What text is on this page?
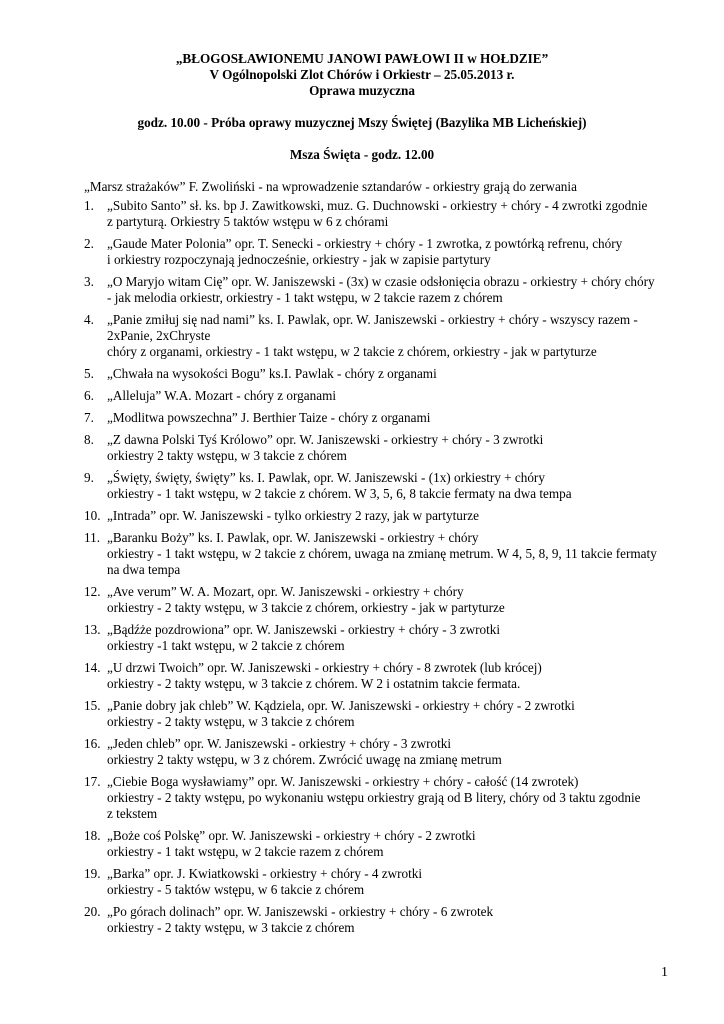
„BŁOGOSŁAWIONEMU JANOWI PAWŁOWI II w HOŁDZIE”
V Ogólnopolski Zlot Chórów i Orkiestr – 25.05.2013 r.
Oprawa muzyczna
godz. 10.00 - Próba oprawy muzycznej Mszy Świętej (Bazylika MB Licheńskiej)
Msza Święta - godz. 12.00
„Marsz strażaków” F. Zwoliński - na wprowadzenie sztandarów - orkiestry grają do zerwania
1. „Subito Santo” sł. ks. bp J. Zawitkowski, muz. G. Duchnowski - orkiestry + chóry - 4 zwrotki zgodnie
z partyturą. Orkiestry 5 taktów wstępu w 6 z chórami
2. „Gaude Mater Polonia” opr. T. Senecki - orkiestry + chóry - 1 zwrotka, z powtórką refrenu, chóry
i orkiestry rozpoczynają jednocześnie, orkiestry - jak w zapisie partytury
3. „O Maryjo witam Cię” opr. W. Janiszewski - (3x) w czasie odsłonięcia obrazu - orkiestry + chóry chóry
- jak melodia orkiestr, orkiestry - 1 takt wstępu, w 2 takcie razem z chórem
4. „Panie zmiłuj się nad nami” ks. I. Pawlak, opr. W. Janiszewski - orkiestry + chóry - wszyscy razem -
2xPanie, 2xChryste
chóry z organami, orkiestry - 1 takt wstępu, w 2 takcie z chórem, orkiestry - jak w partyturze
5. „Chwała na wysokości Bogu” ks.I. Pawlak - chóry z organami
6. „Alleluja” W.A. Mozart - chóry z organami
7. „Modlitwa powszechna” J. Berthier Taize - chóry z organami
8. „Z dawna Polski Tyś Królowo” opr. W. Janiszewski - orkiestry + chóry - 3 zwrotki
orkiestry 2 takty wstępu, w 3 takcie z chórem
9. „Święty, święty, święty” ks. I. Pawlak, opr. W. Janiszewski - (1x) orkiestry + chóry
orkiestry - 1 takt wstępu, w 2 takcie z chórem. W 3, 5, 6, 8 takcie fermaty na dwa tempa
10. „Intrada” opr. W. Janiszewski - tylko orkiestry 2 razy, jak w partyturze
11. „Baranku Boży” ks. I. Pawlak, opr. W. Janiszewski - orkiestry + chóry
orkiestry - 1 takt wstępu, w 2 takcie z chórem, uwaga na zmianę metrum. W 4, 5, 8, 9, 11 takcie fermaty
na dwa tempa
12. „Ave verum” W. A. Mozart, opr. W. Janiszewski - orkiestry + chóry
orkiestry - 2 takty wstępu, w 3 takcie z chórem, orkiestry - jak w partyturze
13. „Bądźże pozdrowiona” opr. W. Janiszewski - orkiestry + chóry - 3 zwrotki
orkiestry -1 takt wstępu, w 2 takcie z chórem
14. „U drzwi Twoich” opr. W. Janiszewski - orkiestry + chóry - 8 zwrotek (lub krócej)
orkiestry - 2 takty wstępu, w 3 takcie z chórem. W 2 i ostatnim takcie fermata.
15. „Panie dobry jak chleb” W. Kądziela, opr. W. Janiszewski - orkiestry + chóry - 2 zwrotki
orkiestry - 2 takty wstępu, w 3 takcie z chórem
16. „Jeden chleb” opr. W. Janiszewski - orkiestry + chóry - 3 zwrotki
orkiestry 2 takty wstępu, w 3 z chórem. Zwrócić uwagę na zmianę metrum
17. „Ciebie Boga wysławiamy” opr. W. Janiszewski - orkiestry + chóry - całość (14 zwrotek)
orkiestry - 2 takty wstępu, po wykonaniu wstępu orkiestry grają od B litery, chóry od 3 taktu zgodnie
z tekstem
18. „Boże coś Polskę” opr. W. Janiszewski - orkiestry + chóry - 2 zwrotki
orkiestry - 1 takt wstępu, w 2 takcie razem z chórem
19. „Barka” opr. J. Kwiatkowski - orkiestry + chóry - 4 zwrotki
orkiestry - 5 taktów wstępu, w 6 takcie z chórem
20. „Po górach dolinach” opr. W. Janiszewski - orkiestry + chóry - 6 zwrotek
orkiestry - 2 takty wstępu, w 3 takcie z chórem
1
